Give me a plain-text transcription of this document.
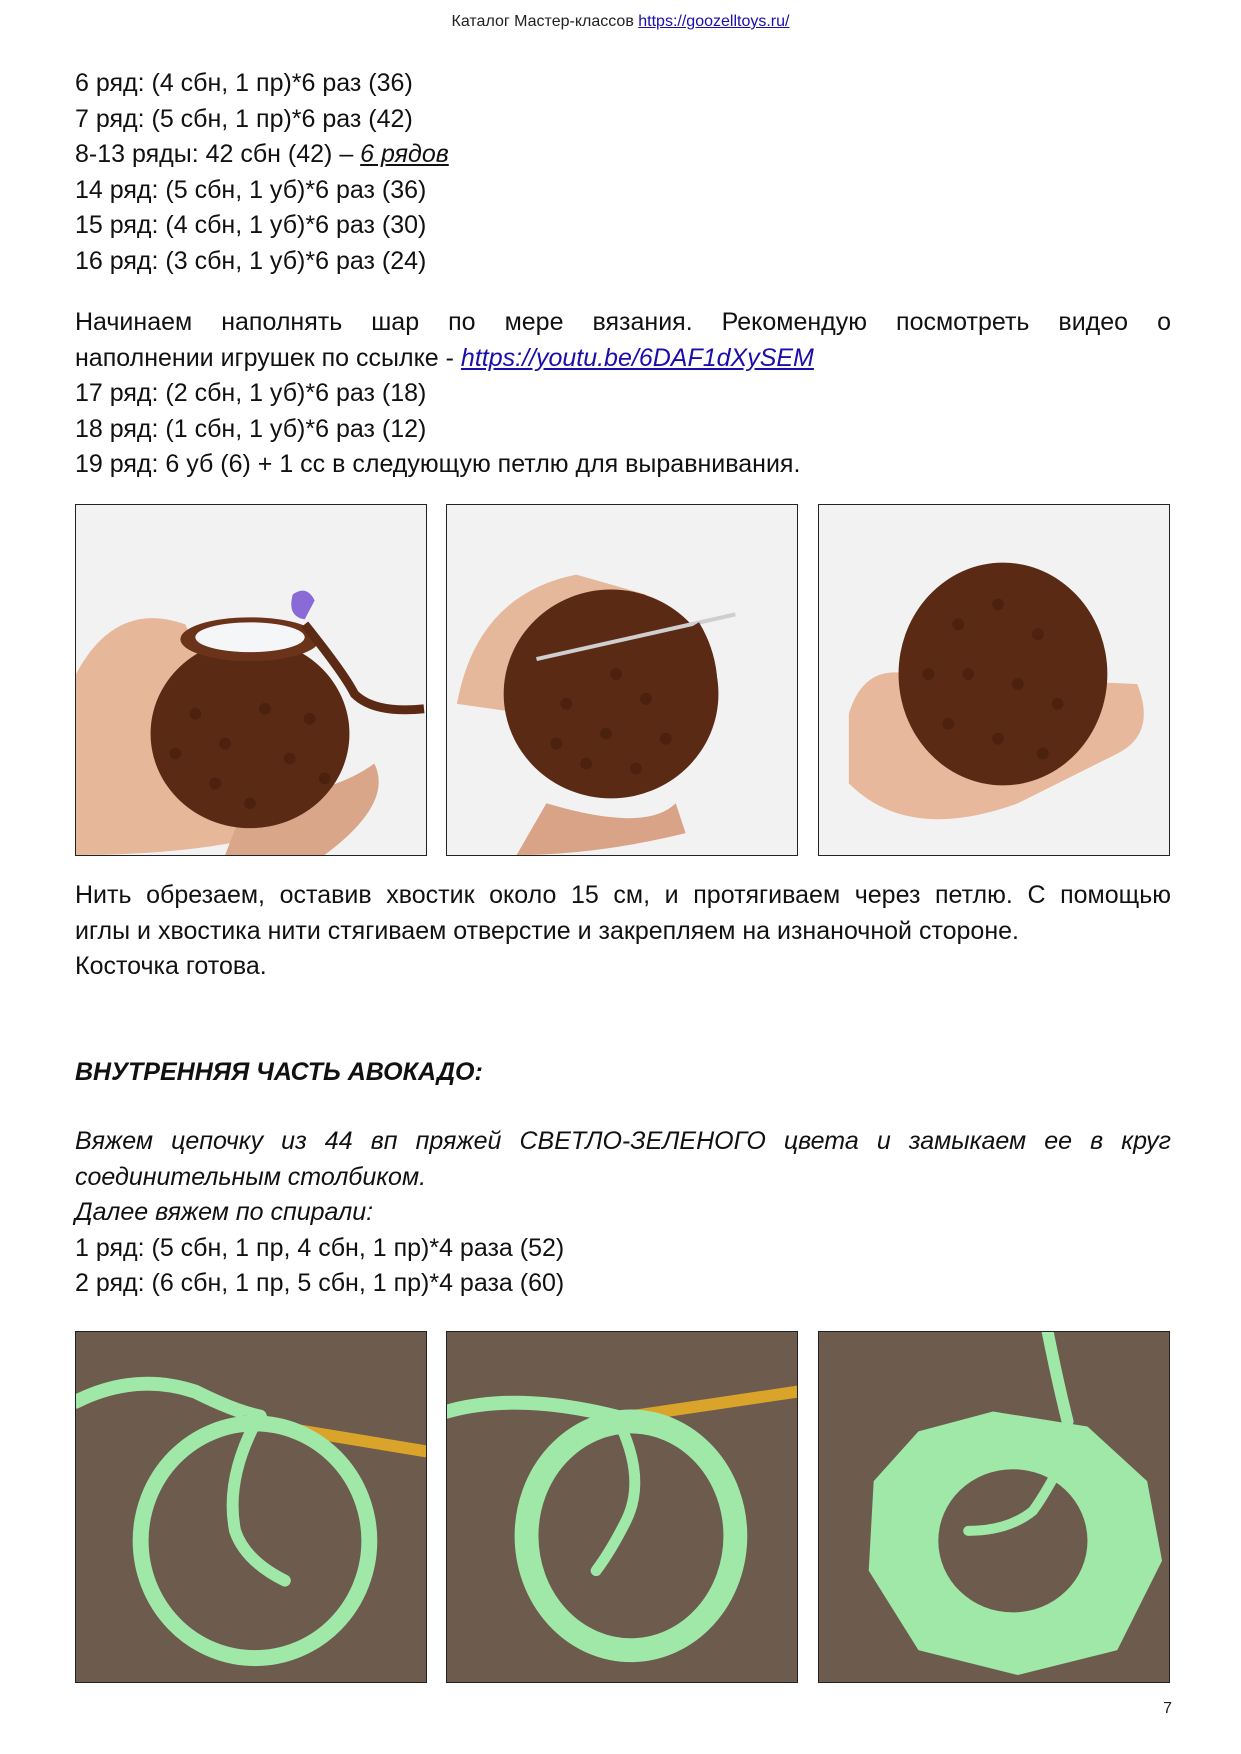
Каталог Мастер-классов https://goozelltoys.ru/
6 ряд: (4 сбн, 1 пр)*6 раз (36)
7 ряд: (5 сбн, 1 пр)*6 раз (42)
8-13 ряды: 42 сбн (42) – 6 рядов
14 ряд: (5 сбн, 1 уб)*6 раз (36)
15 ряд: (4 сбн, 1 уб)*6 раз (30)
16 ряд: (3 сбн, 1 уб)*6 раз (24)
Начинаем наполнять шар по мере вязания. Рекомендую посмотреть видео о
наполнении игрушек по ссылке - https://youtu.be/6DAF1dXySEM
17 ряд: (2 сбн, 1 уб)*6 раз (18)
18 ряд: (1 сбн, 1 уб)*6 раз (12)
19 ряд: 6 уб (6) + 1 сс в следующую петлю для выравнивания.
Нить обрезаем, оставив хвостик около 15 см, и протягиваем через петлю. С помощью
иглы и хвостика нити стягиваем отверстие и закрепляем на изнаночной стороне.
Косточка готова.
ВНУТРЕННЯЯ ЧАСТЬ АВОКАДО:
Вяжем цепочку из 44 вп пряжей СВЕТЛО-ЗЕЛЕНОГО цвета и замыкаем ее в круг
соединительным столбиком.
Далее вяжем по спирали:
1 ряд: (5 сбн, 1 пр, 4 сбн, 1 пр)*4 раза (52)
2 ряд: (6 сбн, 1 пр, 5 сбн, 1 пр)*4 раза (60)
7
